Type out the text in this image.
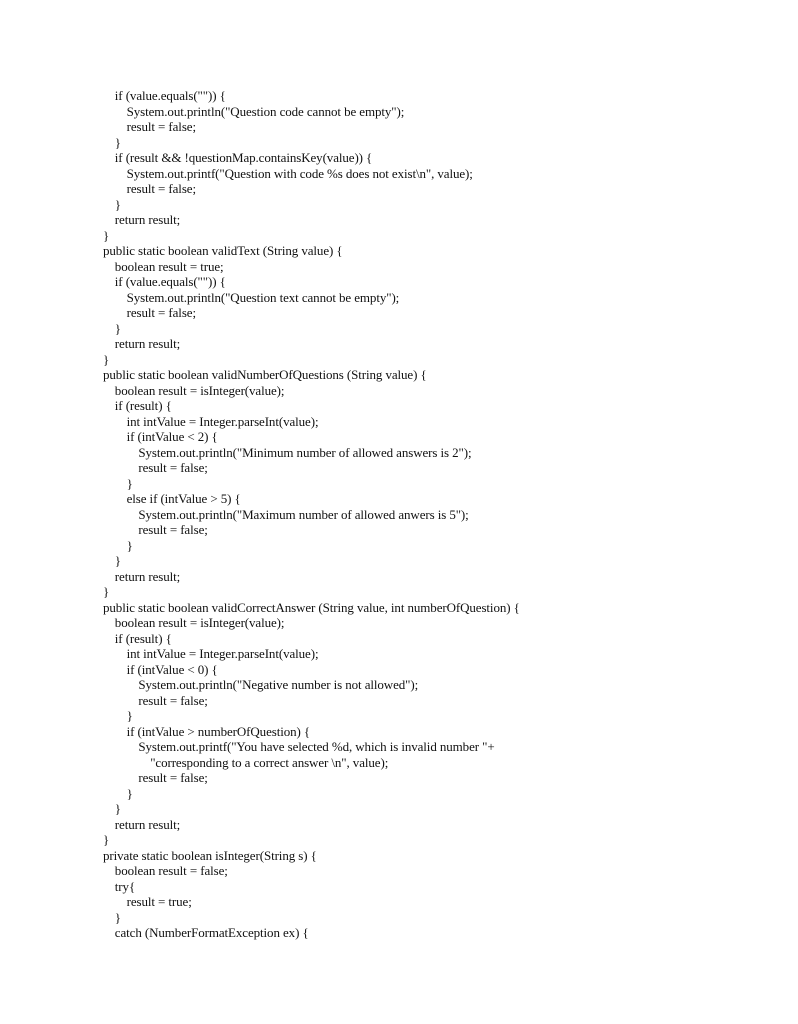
if (value.equals("")) {
System.out.println("Question code cannot be empty");
result = false;
}
if (result && !questionMap.containsKey(value)) {
System.out.printf("Question with code %s does not exist\n", value);
result = false;
}
return result;
}
public static boolean validText (String value) {
boolean result = true;
if (value.equals("")) {
System.out.println("Question text cannot be empty");
result = false;
}
return result;
}
public static boolean validNumberOfQuestions (String value) {
boolean result = isInteger(value);
if (result) {
int intValue = Integer.parseInt(value);
if (intValue < 2) {
System.out.println("Minimum number of allowed answers is 2");
result = false;
}
else if (intValue > 5) {
System.out.println("Maximum number of allowed anwers is 5");
result = false;
}
}
return result;
}
public static boolean validCorrectAnswer (String value, int numberOfQuestion) {
boolean result = isInteger(value);
if (result) {
int intValue = Integer.parseInt(value);
if (intValue < 0) {
System.out.println("Negative number is not allowed");
result = false;
}
if (intValue > numberOfQuestion) {
System.out.printf("You have selected %d, which is invalid number "+
"corresponding to a correct answer \n", value);
result = false;
}
}
return result;
}
private static boolean isInteger(String s) {
boolean result = false;
try{
result = true;
}
catch (NumberFormatException ex) {
